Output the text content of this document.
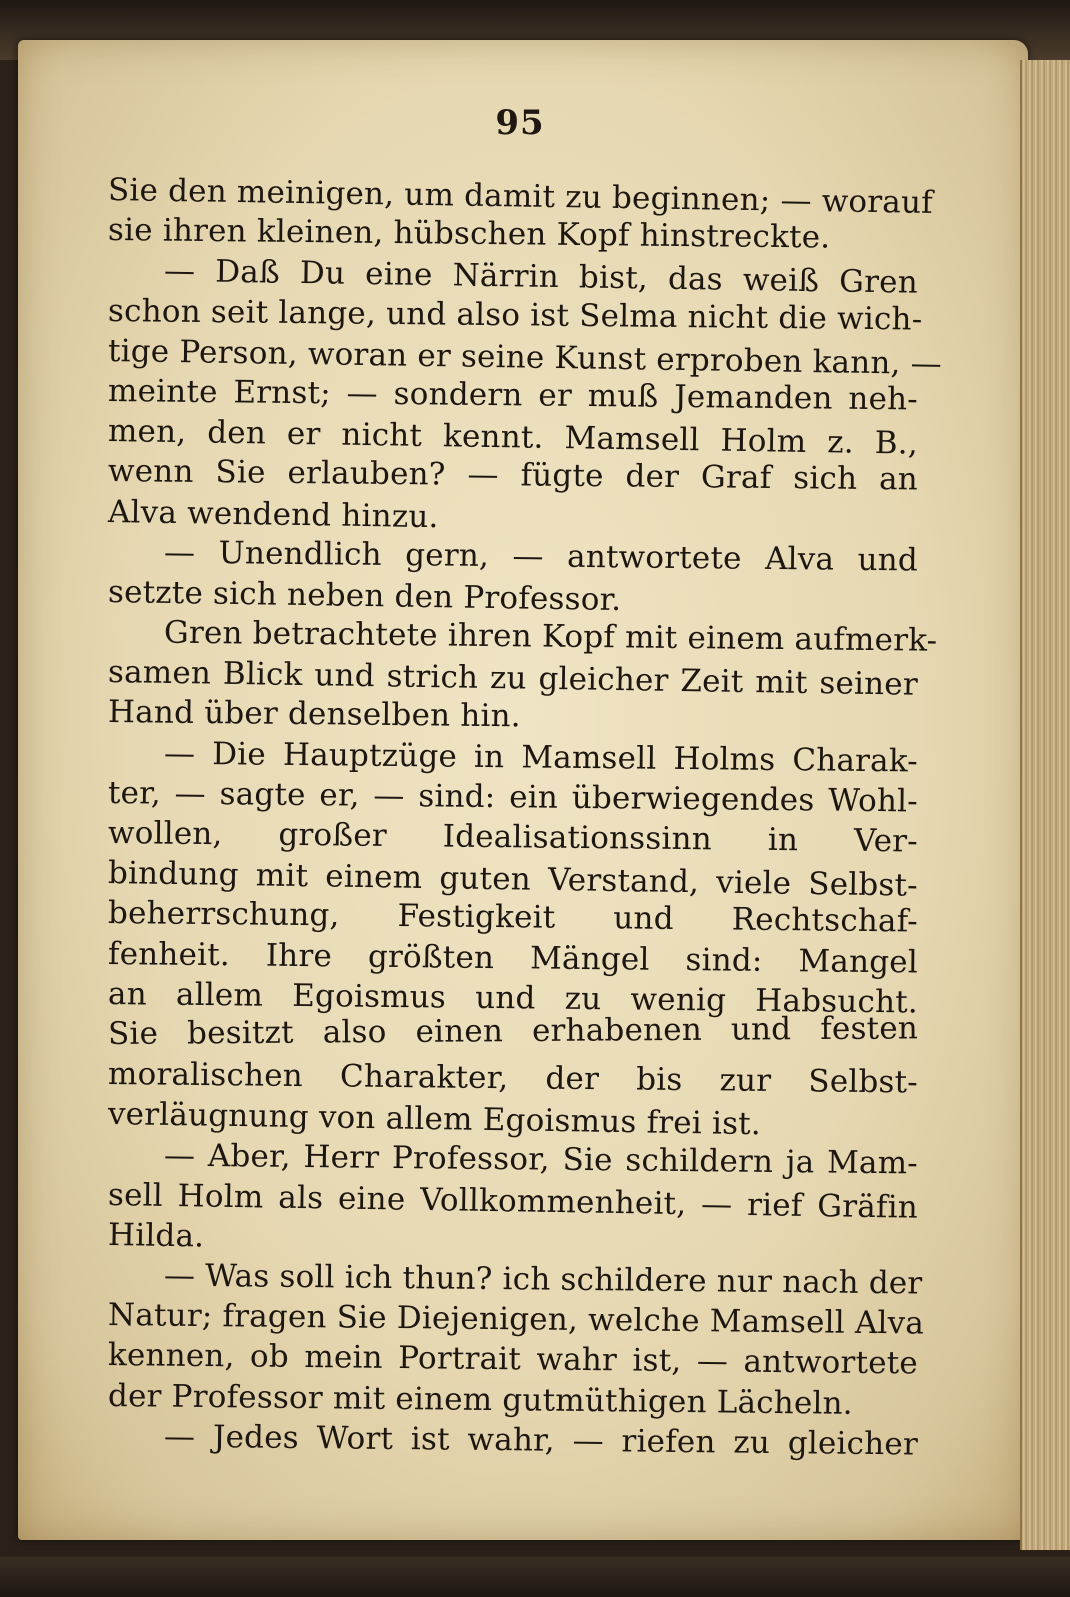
95
Sie den meinigen, um damit zu beginnen; — worauf
sie ihren kleinen, hübschen Kopf hinstreckte.
— Daß Du eine Närrin bist, das weiß Gren
schon seit lange, und also ist Selma nicht die wich-
tige Person, woran er seine Kunst erproben kann, —
meinte Ernst; — sondern er muß Jemanden neh-
men, den er nicht kennt. Mamsell Holm z. B.,
wenn Sie erlauben? — fügte der Graf sich an
Alva wendend hinzu.
— Unendlich gern, — antwortete Alva und
setzte sich neben den Professor.
Gren betrachtete ihren Kopf mit einem aufmerk-
samen Blick und strich zu gleicher Zeit mit seiner
Hand über denselben hin.
— Die Hauptzüge in Mamsell Holms Charak-
ter, — sagte er, — sind: ein überwiegendes Wohl-
wollen, großer Idealisationssinn in Ver-
bindung mit einem guten Verstand, viele Selbst-
beherrschung, Festigkeit und Rechtschaf-
fenheit. Ihre größten Mängel sind: Mangel
an allem Egoismus und zu wenig Habsucht.
Sie besitzt also einen erhabenen und festen
moralischen Charakter, der bis zur Selbst-
verläugnung von allem Egoismus frei ist.
— Aber, Herr Professor, Sie schildern ja Mam-
sell Holm als eine Vollkommenheit, — rief Gräfin
Hilda.
— Was soll ich thun? ich schildere nur nach der
Natur; fragen Sie Diejenigen, welche Mamsell Alva
kennen, ob mein Portrait wahr ist, — antwortete
der Professor mit einem gutmüthigen Lächeln.
— Jedes Wort ist wahr, — riefen zu gleicher
